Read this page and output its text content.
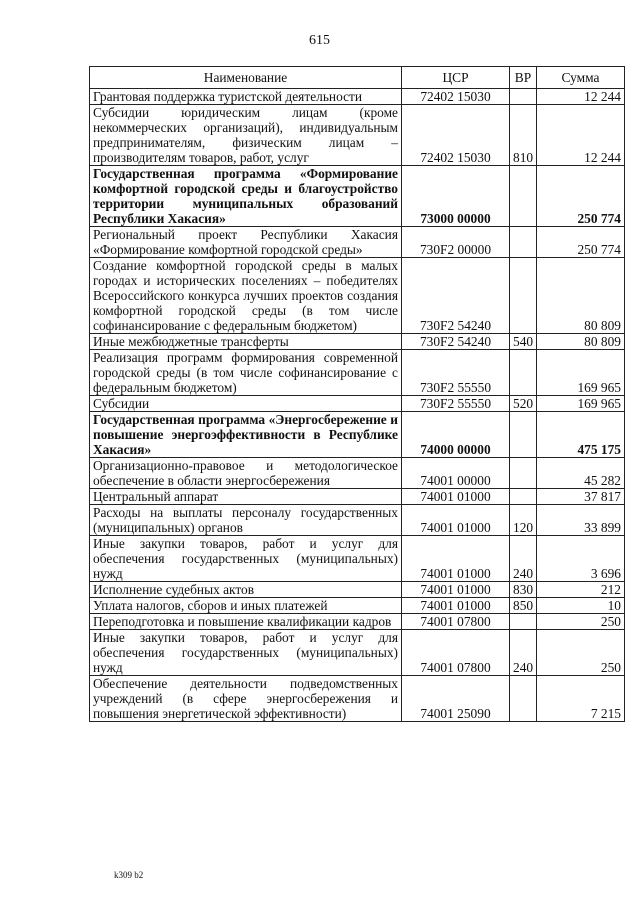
615
Наименование	ЦСР	ВР	Сумма
Грантовая поддержка туристской деятельности	72402 15030		12 244
Субсидии юридическим лицам (кроме некоммерческих организаций), индивидуальным предпринимателям, физическим лицам – производителям товаров, работ, услуг	72402 15030	810	12 244
Государственная программа «Формирование комфортной городской среды и благоустройство территории муниципальных образований Республики Хакасия»	73000 00000		250 774
Региональный проект Республики Хакасия «Формирование комфортной городской среды»	730F2 00000		250 774
Создание комфортной городской среды в малых городах и исторических поселениях – победителях Всероссийского конкурса лучших проектов создания комфортной городской среды (в том числе софинансирование с федеральным бюджетом)	730F2 54240		80 809
Иные межбюджетные трансферты	730F2 54240	540	80 809
Реализация программ формирования современной городской среды (в том числе софинансирование с федеральным бюджетом)	730F2 55550		169 965
Субсидии	730F2 55550	520	169 965
Государственная программа «Энергосбережение и повышение энергоэффективности в Республике Хакасия»	74000 00000		475 175
Организационно-правовое и методологическое обеспечение в области энергосбережения	74001 00000		45 282
Центральный аппарат	74001 01000		37 817
Расходы на выплаты персоналу государственных (муниципальных) органов	74001 01000	120	33 899
Иные закупки товаров, работ и услуг для обеспечения государственных (муниципальных) нужд	74001 01000	240	3 696
Исполнение судебных актов	74001 01000	830	212
Уплата налогов, сборов и иных платежей	74001 01000	850	10
Переподготовка и повышение квалификации кадров	74001 07800		250
Иные закупки товаров, работ и услуг для обеспечения государственных (муниципальных) нужд	74001 07800	240	250
Обеспечение деятельности подведомственных учреждений (в сфере энергосбережения и повышения энергетической эффективности)	74001 25090		7 215
k309 b2
